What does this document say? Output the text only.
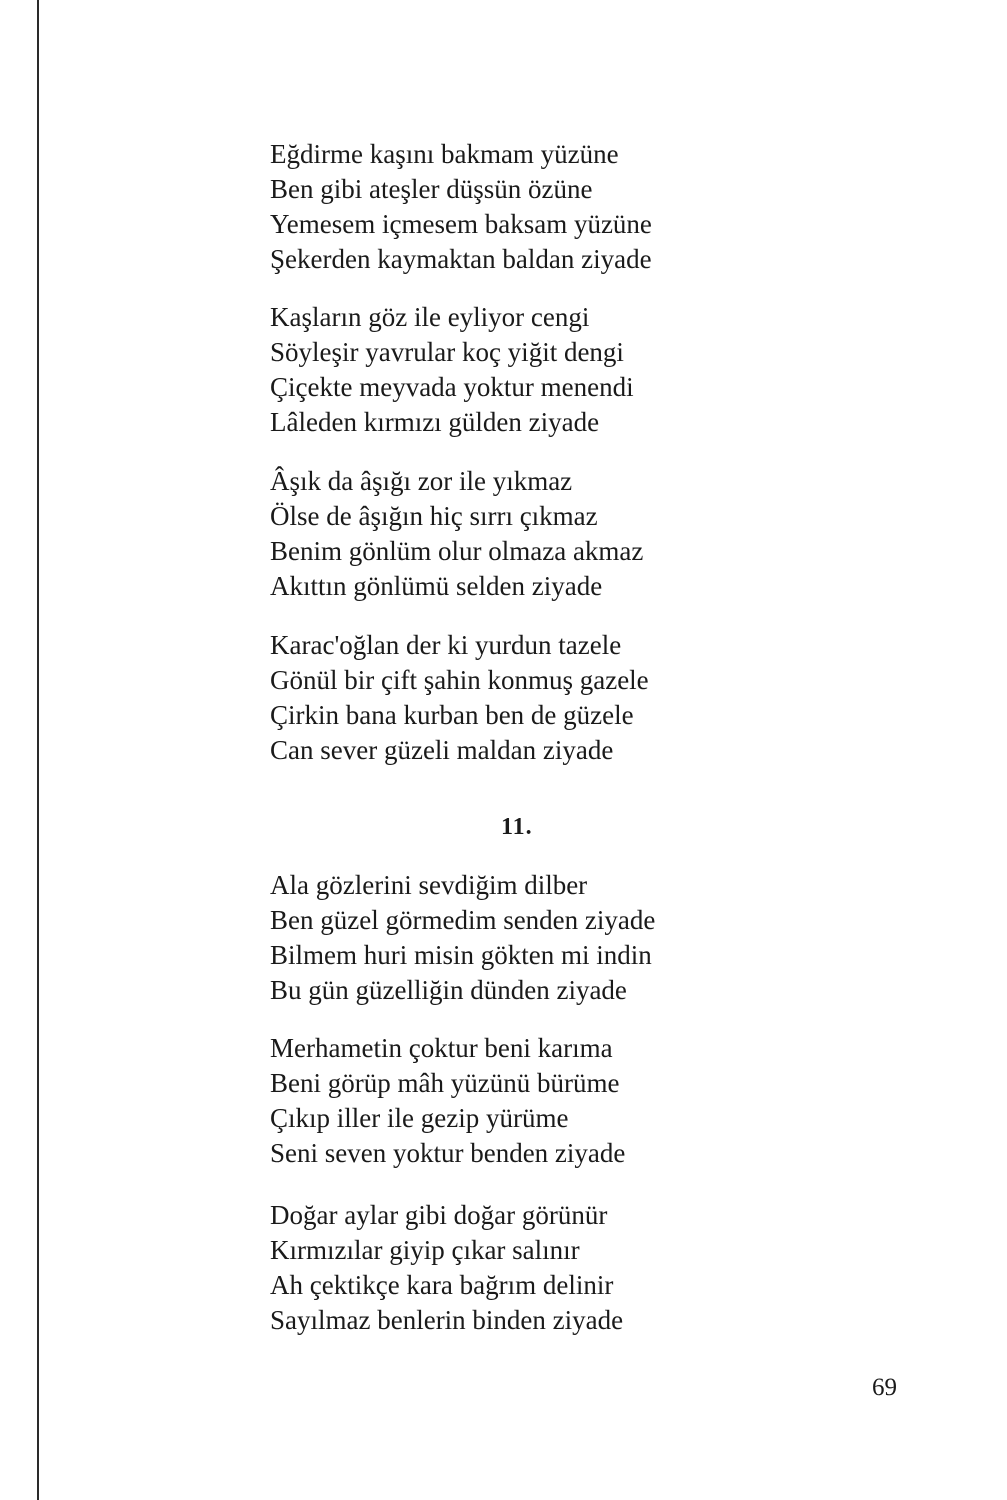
Eğdirme kaşını bakmam yüzüne
Ben gibi ateşler düşsün özüne
Yemesem içmesem baksam yüzüne
Şekerden kaymaktan baldan ziyade
Kaşların göz ile eyliyor cengi
Söyleşir yavrular koç yiğit dengi
Çiçekte meyvada yoktur menendi
Lâleden kırmızı gülden ziyade
Âşık da âşığı zor ile yıkmaz
Ölse de âşığın hiç sırrı çıkmaz
Benim gönlüm olur olmaza akmaz
Akıttın gönlümü selden ziyade
Karac'oğlan der ki yurdun tazele
Gönül bir çift şahin konmuş gazele
Çirkin bana kurban ben de güzele
Can sever güzeli maldan ziyade
11.
Ala gözlerini sevdiğim dilber
Ben güzel görmedim senden ziyade
Bilmem huri misin gökten mi indin
Bu gün güzelliğin dünden ziyade
Merhametin çoktur beni karıma
Beni görüp mâh yüzünü bürüme
Çıkıp iller ile gezip yürüme
Seni seven yoktur benden ziyade
Doğar aylar gibi doğar görünür
Kırmızılar giyip çıkar salınır
Ah çektikçe kara bağrım delinir
Sayılmaz benlerin binden ziyade
69
